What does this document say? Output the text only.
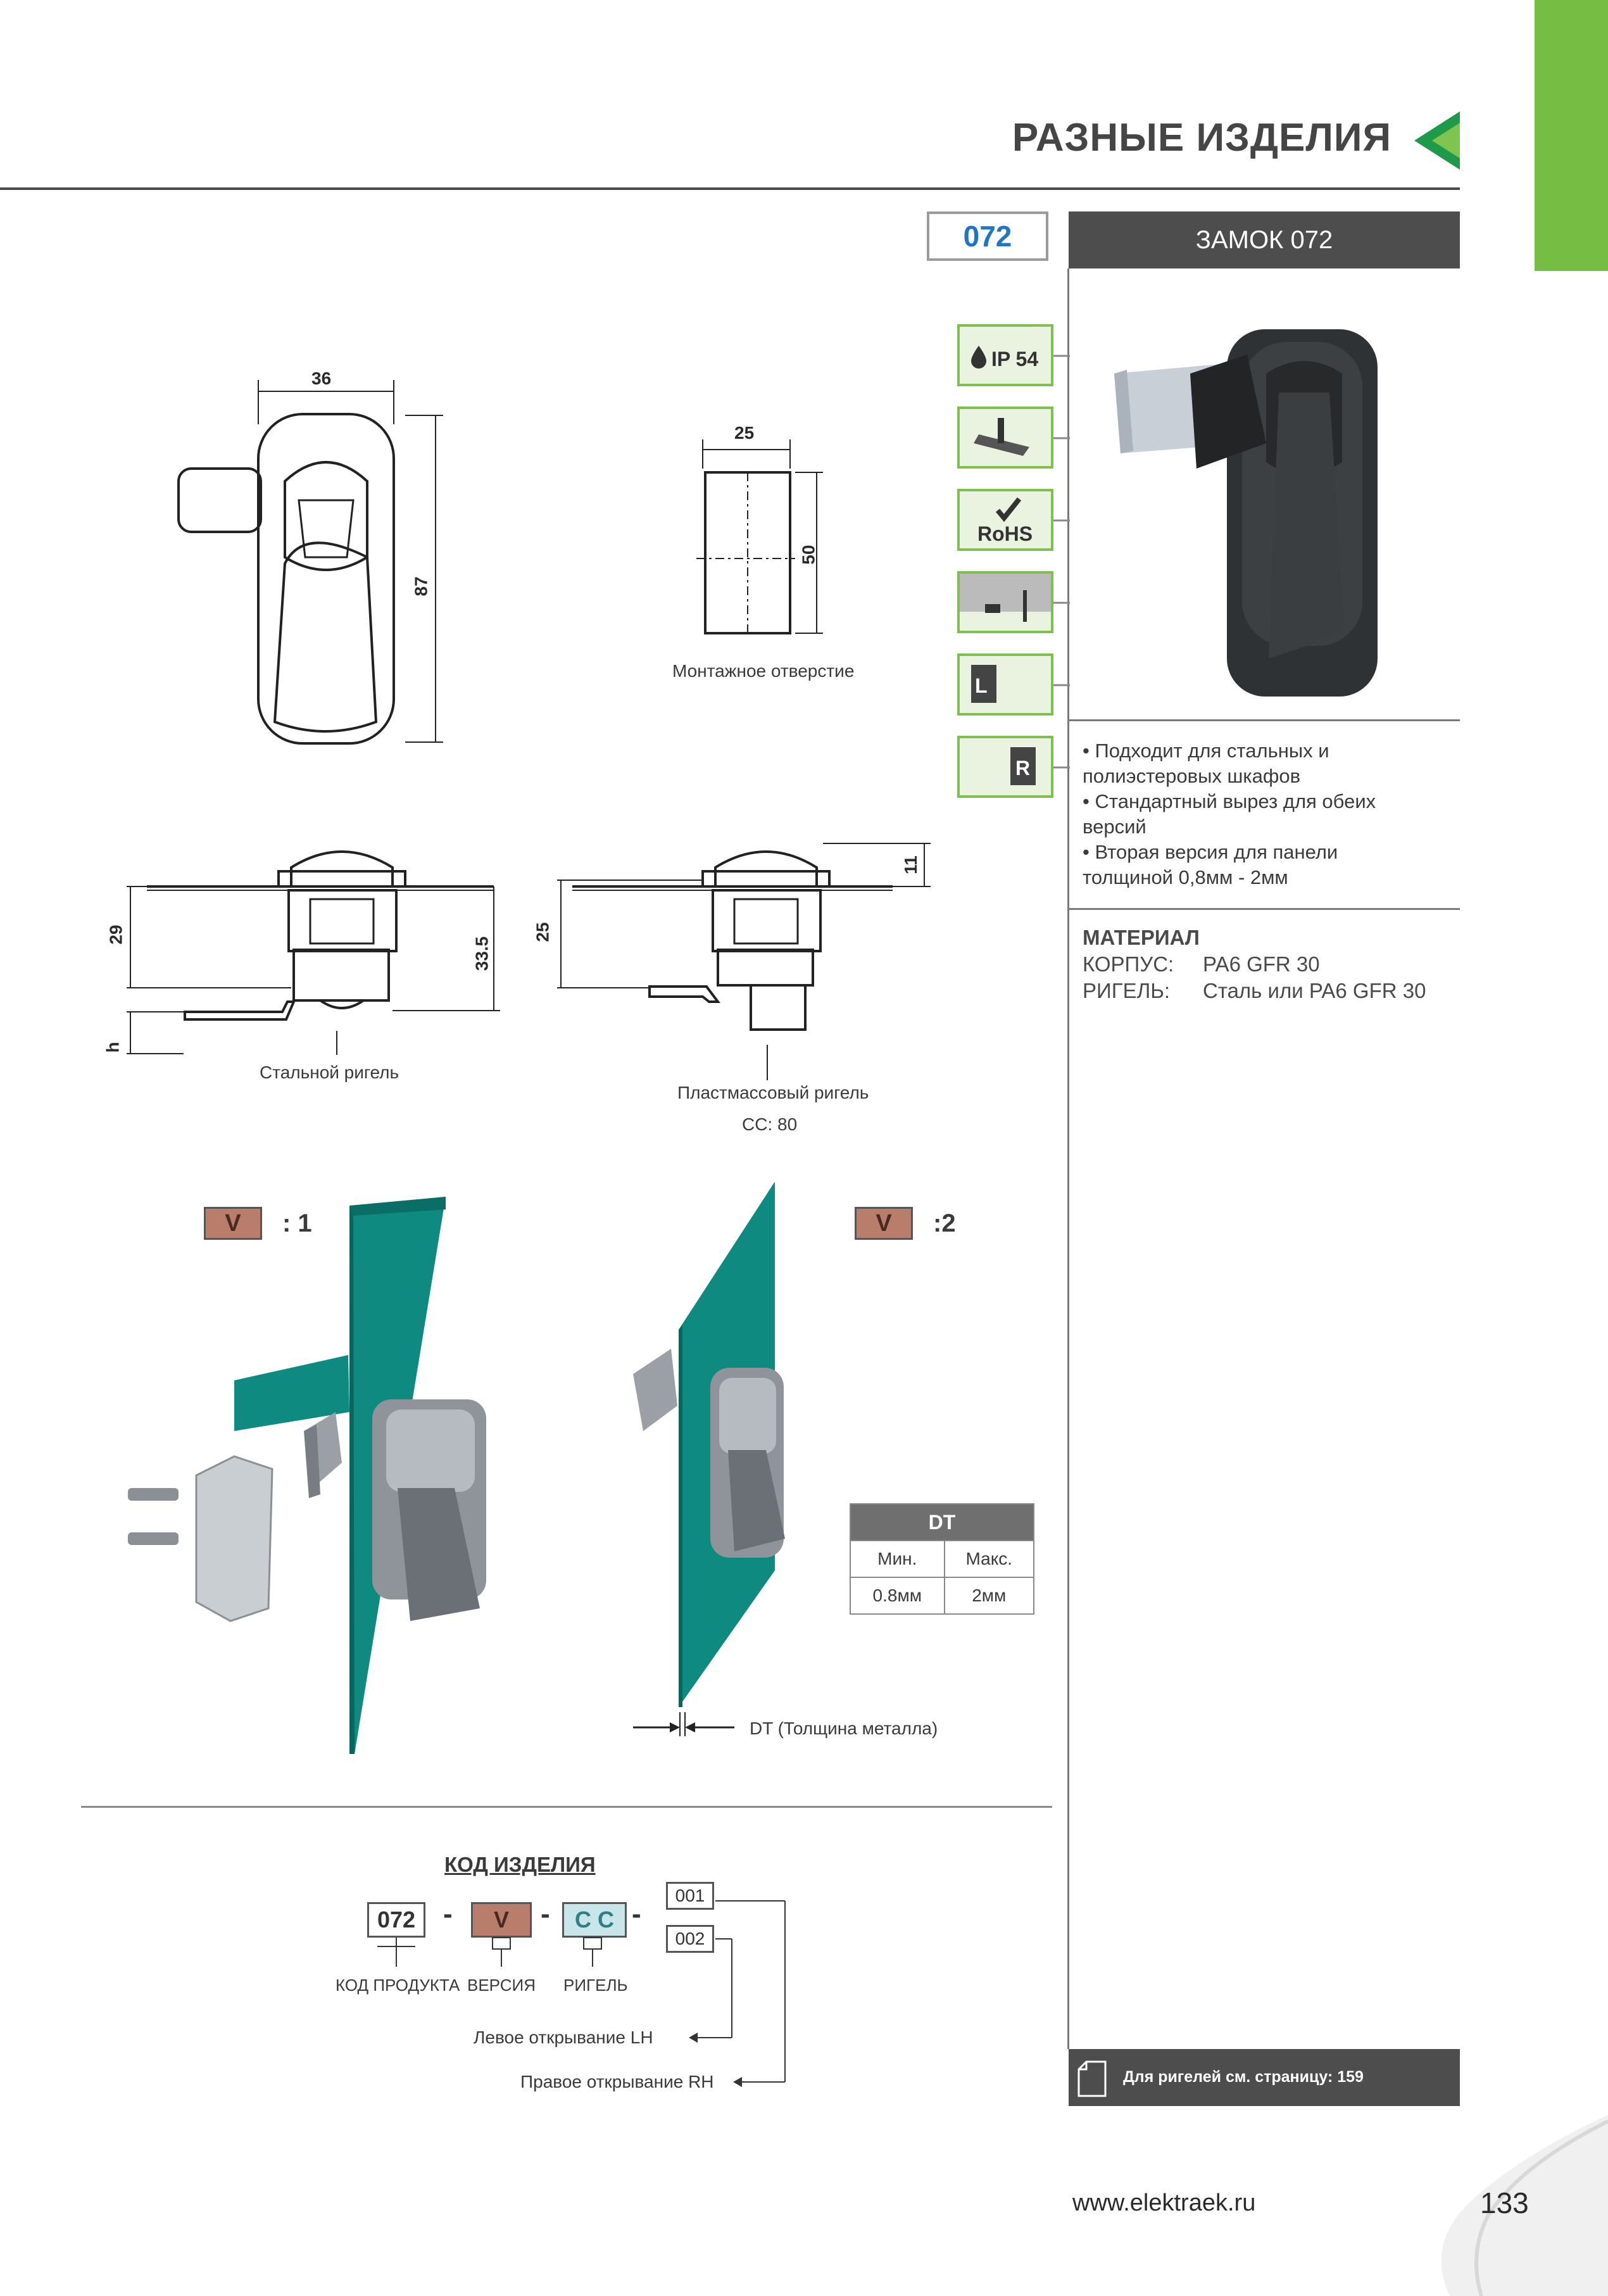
РАЗНЫЕ ИЗДЕЛИЯ
072	ЗАМОК 072
IP 54
RoHS
L
R
• Подходит для стальных и
полиэстеровых шкафов
• Стандартный вырез для обеих
версий
• Вторая версия для панели
толщиной 0,8мм - 2мм
МАТЕРИАЛ
КОРПУС: PA6 GFR 30
РИГЕЛЬ: Сталь или PA6 GFR 30
36
87
25
50
Монтажное отверстие
29
33.5
h
Стальной ригель
25
11
Пластмассовый ригель
CC: 80
V	: 1	V	:2
DT	
Мин.	Макс.
0.8мм	2мм
DT (Толщина металла)
КОД ИЗДЕЛИЯ
072 -	V	-	C C -
001
002
КОД ПРОДУКТА ВЕРСИЯ РИГЕЛЬ
Левое открывание LH
Правое открывание RH	Для ригелей см. страницу: 159
www.elektraek.ru	133
